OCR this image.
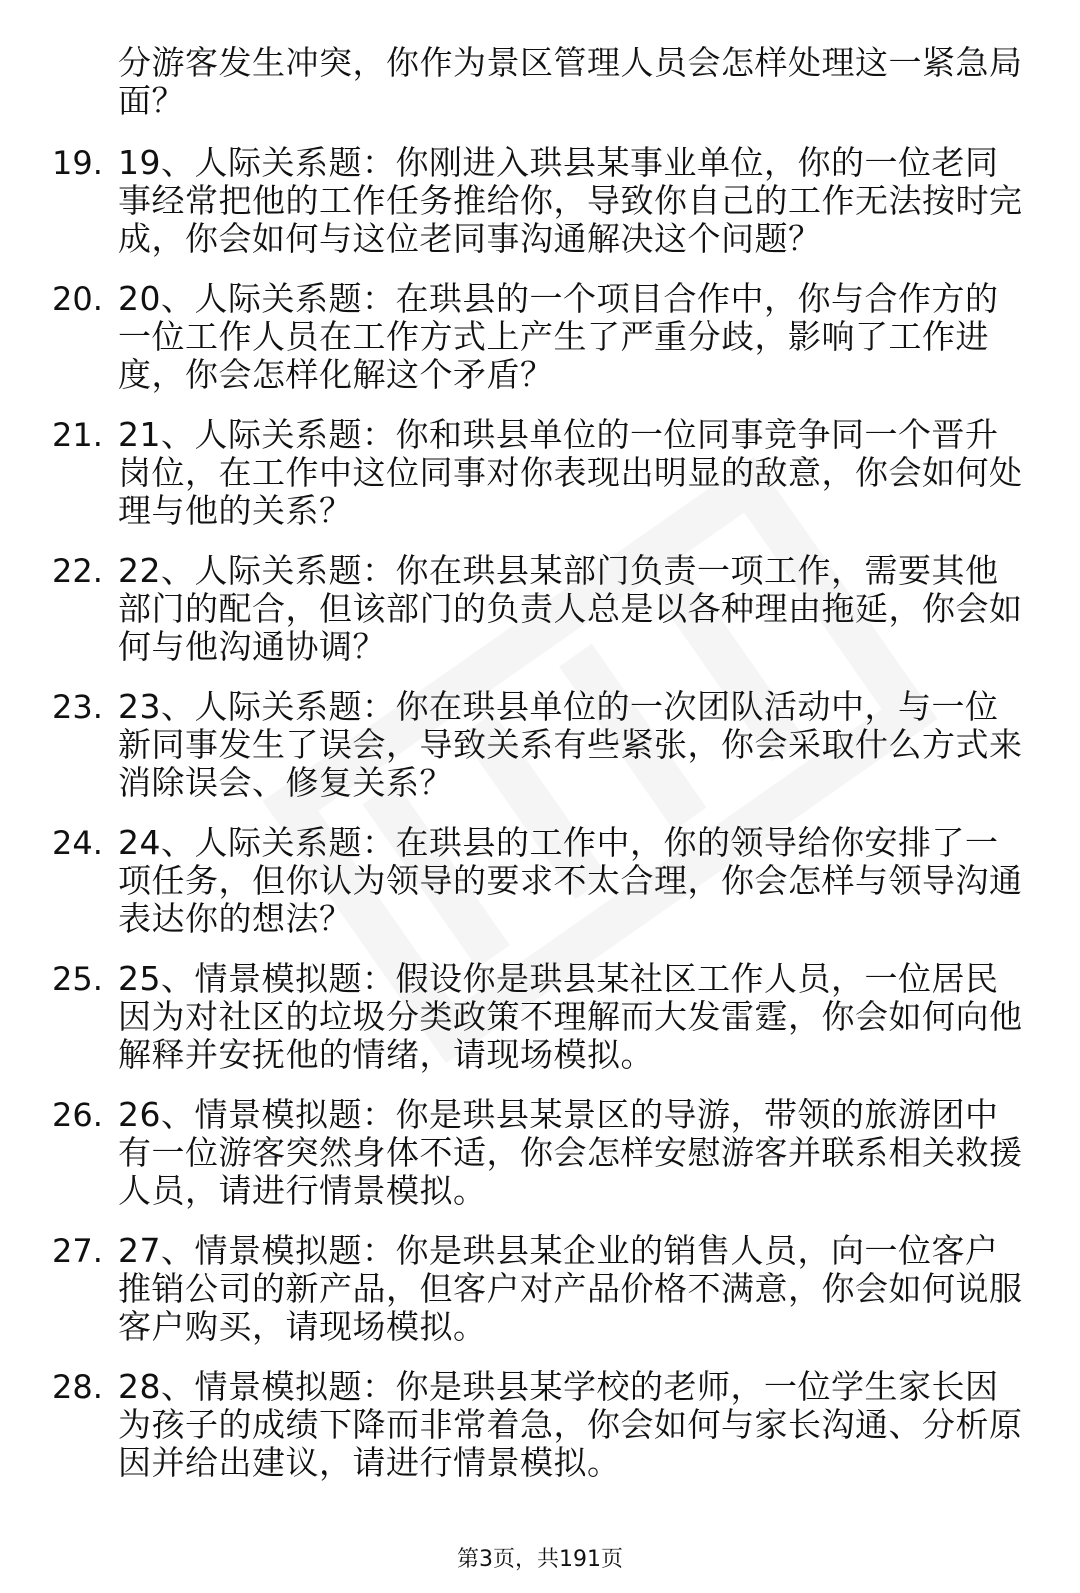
分游客发生冲突，你作为景区管理人员会怎样处理这一紧急局面？
19. 19、人际关系题：你刚进入珙县某事业单位，你的一位老同事经常把他的工作任务推给你，导致你自己的工作无法按时完成，你会如何与这位老同事沟通解决这个问题？
20. 20、人际关系题：在珙县的一个项目合作中，你与合作方的一位工作人员在工作方式上产生了严重分歧，影响了工作进度，你会怎样化解这个矛盾？
21. 21、人际关系题：你和珙县单位的一位同事竞争同一个晋升岗位，在工作中这位同事对你表现出明显的敌意，你会如何处理与他的关系？
22. 22、人际关系题：你在珙县某部门负责一项工作，需要其他部门的配合，但该部门的负责人总是以各种理由拖延，你会如何与他沟通协调？
23. 23、人际关系题：你在珙县单位的一次团队活动中，与一位新同事发生了误会，导致关系有些紧张，你会采取什么方式来消除误会、修复关系？
24. 24、人际关系题：在珙县的工作中，你的领导给你安排了一项任务，但你认为领导的要求不太合理，你会怎样与领导沟通表达你的想法？
25. 25、情景模拟题：假设你是珙县某社区工作人员，一位居民因为对社区的垃圾分类政策不理解而大发雷霆，你会如何向他解释并安抚他的情绪，请现场模拟。
26. 26、情景模拟题：你是珙县某景区的导游，带领的旅游团中有一位游客突然身体不适，你会怎样安慰游客并联系相关救援人员，请进行情景模拟。
27. 27、情景模拟题：你是珙县某企业的销售人员，向一位客户推销公司的新产品，但客户对产品价格不满意，你会如何说服客户购买，请现场模拟。
28. 28、情景模拟题：你是珙县某学校的老师，一位学生家长因为孩子的成绩下降而非常着急，你会如何与家长沟通、分析原因并给出建议，请进行情景模拟。
第3页，共191页
